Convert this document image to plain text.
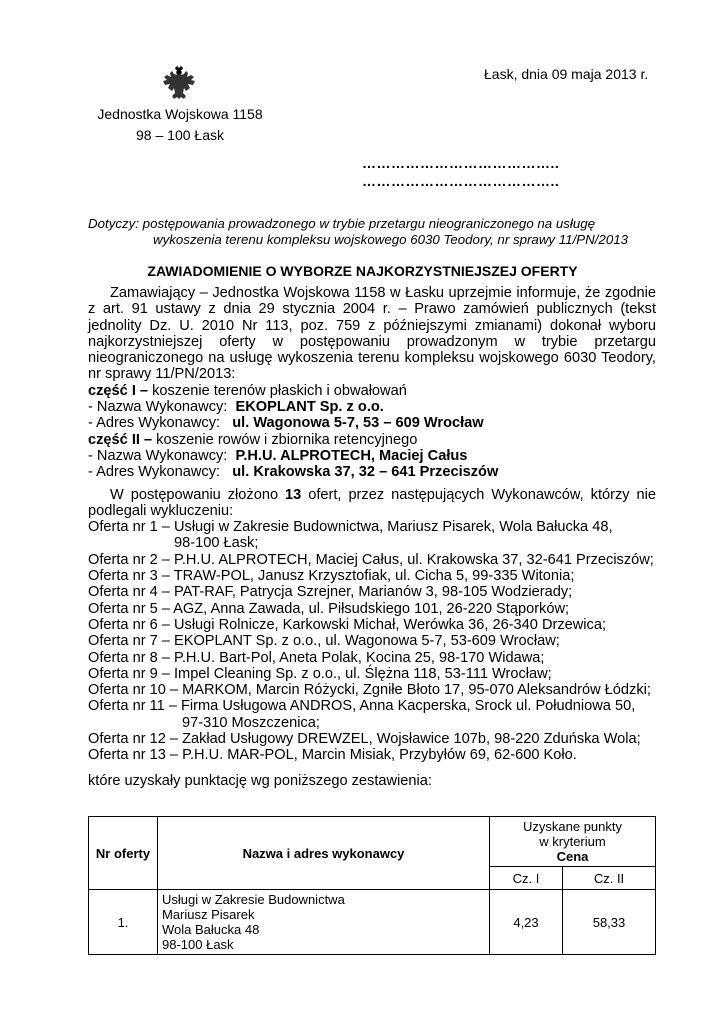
Łask, dnia 09 maja 2013 r.
Jednostka Wojskowa 1158
98 – 100 Łask
…………………………………..
…………………………………..
Dotyczy: postępowania prowadzonego w trybie przetargu nieograniczonego na usługę
wykoszenia terenu kompleksu wojskowego 6030 Teodory, nr sprawy 11/PN/2013
ZAWIADOMIENIE O WYBORZE NAJKORZYSTNIEJSZEJ OFERTY

Zamawiający – Jednostka Wojskowa 1158 w Łasku uprzejmie informuje, że zgodnie z art. 91 ustawy z dnia 29 stycznia 2004 r. – Prawo zamówień publicznych (tekst jednolity Dz. U. 2010 Nr 113, poz. 759 z późniejszymi zmianami) dokonał wyboru najkorzystniejszej oferty w postępowaniu prowadzonym w trybie przetargu nieograniczonego na usługę wykoszenia terenu kompleksu wojskowego 6030 Teodory, nr sprawy 11/PN/2013:

część I – koszenie terenów płaskich i obwałowań
- Nazwa Wykonawcy:  EKOPLANT Sp. z o.o.
- Adres Wykonawcy:   ul. Wagonowa 5-7, 53 – 609 Wrocław
część II – koszenie rowów i zbiornika retencyjnego
- Nazwa Wykonawcy:  P.H.U. ALPROTECH, Maciej Całus
- Adres Wykonawcy:   ul. Krakowska 37, 32 – 641 Przeciszów
W postępowaniu złożono 13 ofert, przez następujących Wykonawców, którzy nie podlegali wykluczeniu:
Oferta nr 1 – Usługi w Zakresie Budownictwa, Mariusz Pisarek, Wola Bałucka 48,
98-100 Łask;
Oferta nr 2 – P.H.U. ALPROTECH, Maciej Całus, ul. Krakowska 37, 32-641 Przeciszów;
Oferta nr 3 – TRAW-POL, Janusz Krzysztofiak, ul. Cicha 5, 99-335 Witonia;
Oferta nr 4 – PAT-RAF, Patrycja Szrejner, Marianów 3, 98-105 Wodzierady;
Oferta nr 5 – AGZ, Anna Zawada, ul. Piłsudskiego 101, 26-220 Stąporków;
Oferta nr 6 – Usługi Rolnicze, Karkowski Michał, Werówka 36, 26-340 Drzewica;
Oferta nr 7 – EKOPLANT Sp. z o.o., ul. Wagonowa 5-7, 53-609 Wrocław;
Oferta nr 8 – P.H.U. Bart-Pol, Aneta Polak, Kocina 25, 98-170 Widawa;
Oferta nr 9 – Impel Cleaning Sp. z o.o., ul. Ślężna 118, 53-111 Wrocław;
Oferta nr 10 – MARKOM, Marcin Różycki, Zgniłe Błoto 17, 95-070 Aleksandrów Łódzki;
Oferta nr 11 – Firma Usługowa ANDROS, Anna Kacperska, Srock ul. Południowa 50,
97-310 Moszczenica;
Oferta nr 12 – Zakład Usługowy DREWZEL, Wojsławice 107b, 98-220 Zduńska Wola;
Oferta nr 13 – P.H.U. MAR-POL, Marcin Misiak, Przybyłów 69, 62-600 Koło.
które uzyskały punktację wg poniższego zestawienia:
Nr oferty	Nazwa i adres wykonawcy	Uzyskane punkty
w kryterium
Cena	

		Cz. I	Cz. II
1.	Usługi w Zakresie Budownictwa
Mariusz Pisarek
Wola Bałucka 48
98-100 Łask	4,23	58,33
